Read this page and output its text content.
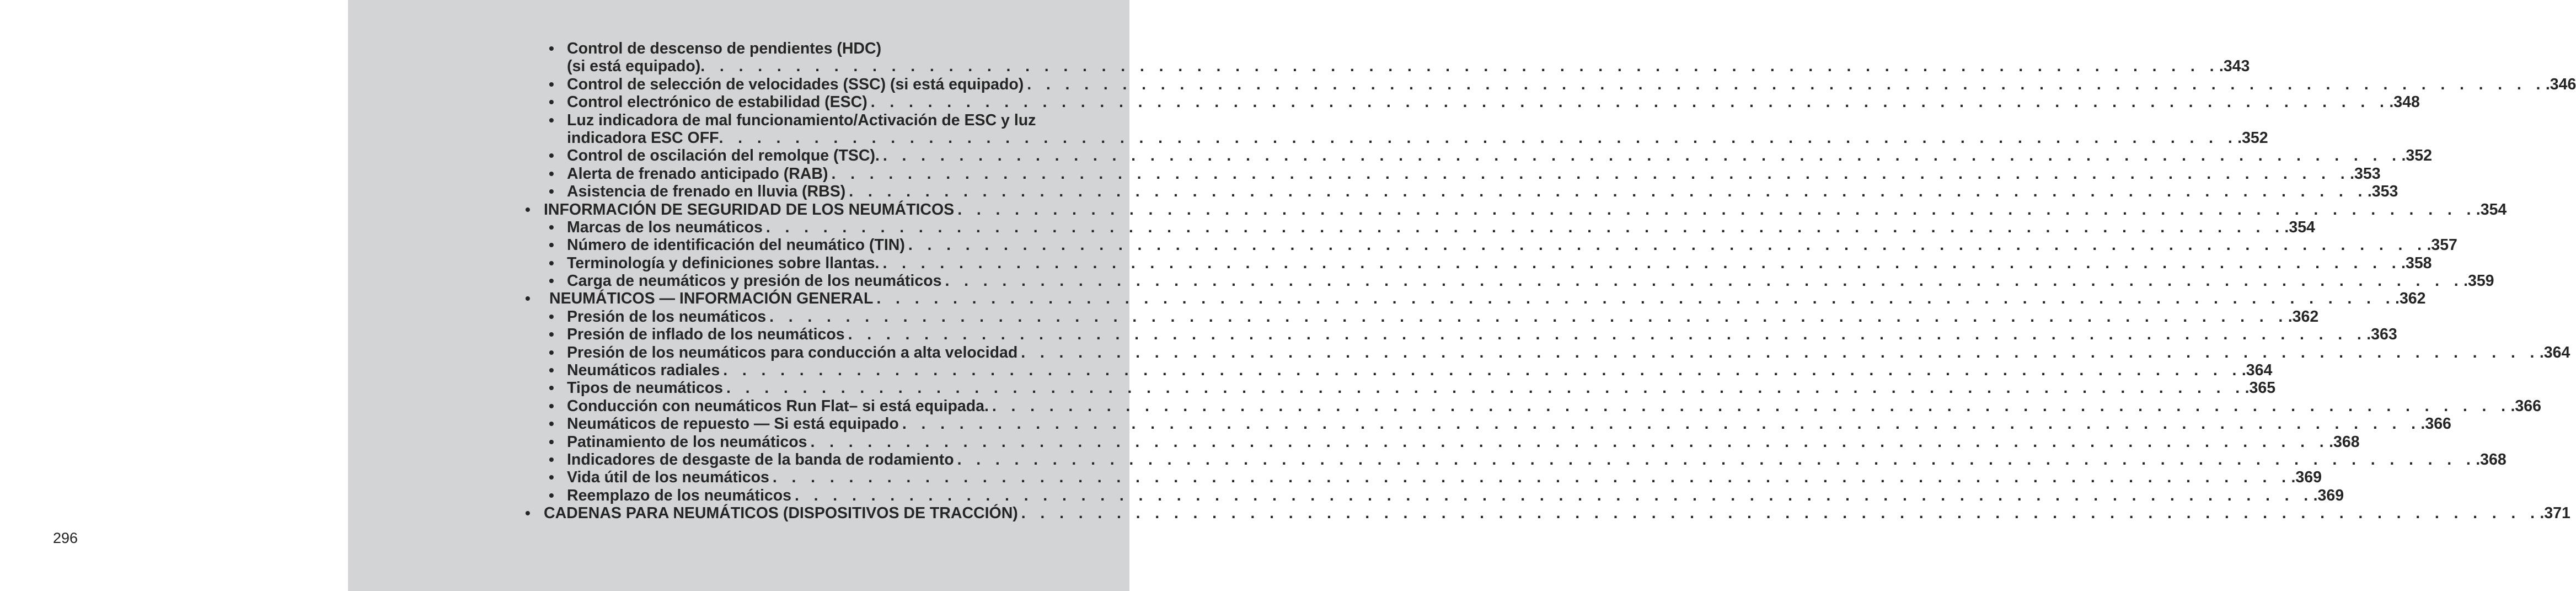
296
• Control de descenso de pendientes (HDC)
(si está equipado) . . . . . . . . . . . . . . . . . . . . . . . . . . . . . . . . . . . . . . . . . . . . . . . . . . . . . . . . . . . . . . . . . . . . . . . . . . . . . . . . .343
• Control de selección de velocidades (SSC) (si está equipado) . . . . . . . . . . . . . . . . . . . . . . . . . . . . . . . . . . . . . . . . . . . . . . . . . . . . . . . . . . . . . . . . . . . . . . . . . . . . . . . . .346
• Control electrónico de estabilidad (ESC) . . . . . . . . . . . . . . . . . . . . . . . . . . . . . . . . . . . . . . . . . . . . . . . . . . . . . . . . . . . . . . . . . . . . . . . . . . . . . . . . .348
• Luz indicadora de mal funcionamiento/Activación de ESC y luz
indicadora ESC OFF . . . . . . . . . . . . . . . . . . . . . . . . . . . . . . . . . . . . . . . . . . . . . . . . . . . . . . . . . . . . . . . . . . . . . . . . . . . . . . . . .352
• Control de oscilación del remolque (TSC). . . . . . . . . . . . . . . . . . . . . . . . . . . . . . . . . . . . . . . . . . . . . . . . . . . . . . . . . . . . . . . . . . . . . . . . . . . . . . . . . .352
• Alerta de frenado anticipado (RAB) . . . . . . . . . . . . . . . . . . . . . . . . . . . . . . . . . . . . . . . . . . . . . . . . . . . . . . . . . . . . . . . . . . . . . . . . . . . . . . . . .353
• Asistencia de frenado en lluvia (RBS) . . . . . . . . . . . . . . . . . . . . . . . . . . . . . . . . . . . . . . . . . . . . . . . . . . . . . . . . . . . . . . . . . . . . . . . . . . . . . . . . .353
• INFORMACIÓN DE SEGURIDAD DE LOS NEUMÁTICOS . . . . . . . . . . . . . . . . . . . . . . . . . . . . . . . . . . . . . . . . . . . . . . . . . . . . . . . . . . . . . . . . . . . . . . . . . . . . . . . . .354
• Marcas de los neumáticos . . . . . . . . . . . . . . . . . . . . . . . . . . . . . . . . . . . . . . . . . . . . . . . . . . . . . . . . . . . . . . . . . . . . . . . . . . . . . . . . .354
• Número de identificación del neumático (TIN) . . . . . . . . . . . . . . . . . . . . . . . . . . . . . . . . . . . . . . . . . . . . . . . . . . . . . . . . . . . . . . . . . . . . . . . . . . . . . . . . .357
• Terminología y definiciones sobre llantas. . . . . . . . . . . . . . . . . . . . . . . . . . . . . . . . . . . . . . . . . . . . . . . . . . . . . . . . . . . . . . . . . . . . . . . . . . . . . . . . . .358
• Carga de neumáticos y presión de los neumáticos . . . . . . . . . . . . . . . . . . . . . . . . . . . . . . . . . . . . . . . . . . . . . . . . . . . . . . . . . . . . . . . . . . . . . . . . . . . . . . . . .359
• NEUMÁTICOS — INFORMACIÓN GENERAL . . . . . . . . . . . . . . . . . . . . . . . . . . . . . . . . . . . . . . . . . . . . . . . . . . . . . . . . . . . . . . . . . . . . . . . . . . . . . . . . .362
• Presión de los neumáticos . . . . . . . . . . . . . . . . . . . . . . . . . . . . . . . . . . . . . . . . . . . . . . . . . . . . . . . . . . . . . . . . . . . . . . . . . . . . . . . . .362
• Presión de inflado de los neumáticos . . . . . . . . . . . . . . . . . . . . . . . . . . . . . . . . . . . . . . . . . . . . . . . . . . . . . . . . . . . . . . . . . . . . . . . . . . . . . . . . .363
• Presión de los neumáticos para conducción a alta velocidad . . . . . . . . . . . . . . . . . . . . . . . . . . . . . . . . . . . . . . . . . . . . . . . . . . . . . . . . . . . . . . . . . . . . . . . . . . . . . . . . .364
• Neumáticos radiales . . . . . . . . . . . . . . . . . . . . . . . . . . . . . . . . . . . . . . . . . . . . . . . . . . . . . . . . . . . . . . . . . . . . . . . . . . . . . . . . .364
• Tipos de neumáticos . . . . . . . . . . . . . . . . . . . . . . . . . . . . . . . . . . . . . . . . . . . . . . . . . . . . . . . . . . . . . . . . . . . . . . . . . . . . . . . . .365
• Conducción con neumáticos Run Flat– si está equipada. . . . . . . . . . . . . . . . . . . . . . . . . . . . . . . . . . . . . . . . . . . . . . . . . . . . . . . . . . . . . . . . . . . . . . . . . . . . . . . . . .366
• Neumáticos de repuesto — Si está equipado . . . . . . . . . . . . . . . . . . . . . . . . . . . . . . . . . . . . . . . . . . . . . . . . . . . . . . . . . . . . . . . . . . . . . . . . . . . . . . . . .366
• Patinamiento de los neumáticos . . . . . . . . . . . . . . . . . . . . . . . . . . . . . . . . . . . . . . . . . . . . . . . . . . . . . . . . . . . . . . . . . . . . . . . . . . . . . . . . .368
• Indicadores de desgaste de la banda de rodamiento . . . . . . . . . . . . . . . . . . . . . . . . . . . . . . . . . . . . . . . . . . . . . . . . . . . . . . . . . . . . . . . . . . . . . . . . . . . . . . . . .368
• Vida útil de los neumáticos . . . . . . . . . . . . . . . . . . . . . . . . . . . . . . . . . . . . . . . . . . . . . . . . . . . . . . . . . . . . . . . . . . . . . . . . . . . . . . . . .369
• Reemplazo de los neumáticos . . . . . . . . . . . . . . . . . . . . . . . . . . . . . . . . . . . . . . . . . . . . . . . . . . . . . . . . . . . . . . . . . . . . . . . . . . . . . . . . .369
• CADENAS PARA NEUMÁTICOS (DISPOSITIVOS DE TRACCIÓN) . . . . . . . . . . . . . . . . . . . . . . . . . . . . . . . . . . . . . . . . . . . . . . . . . . . . . . . . . . . . . . . . . . . . . . . . . . . . . . . . .371
